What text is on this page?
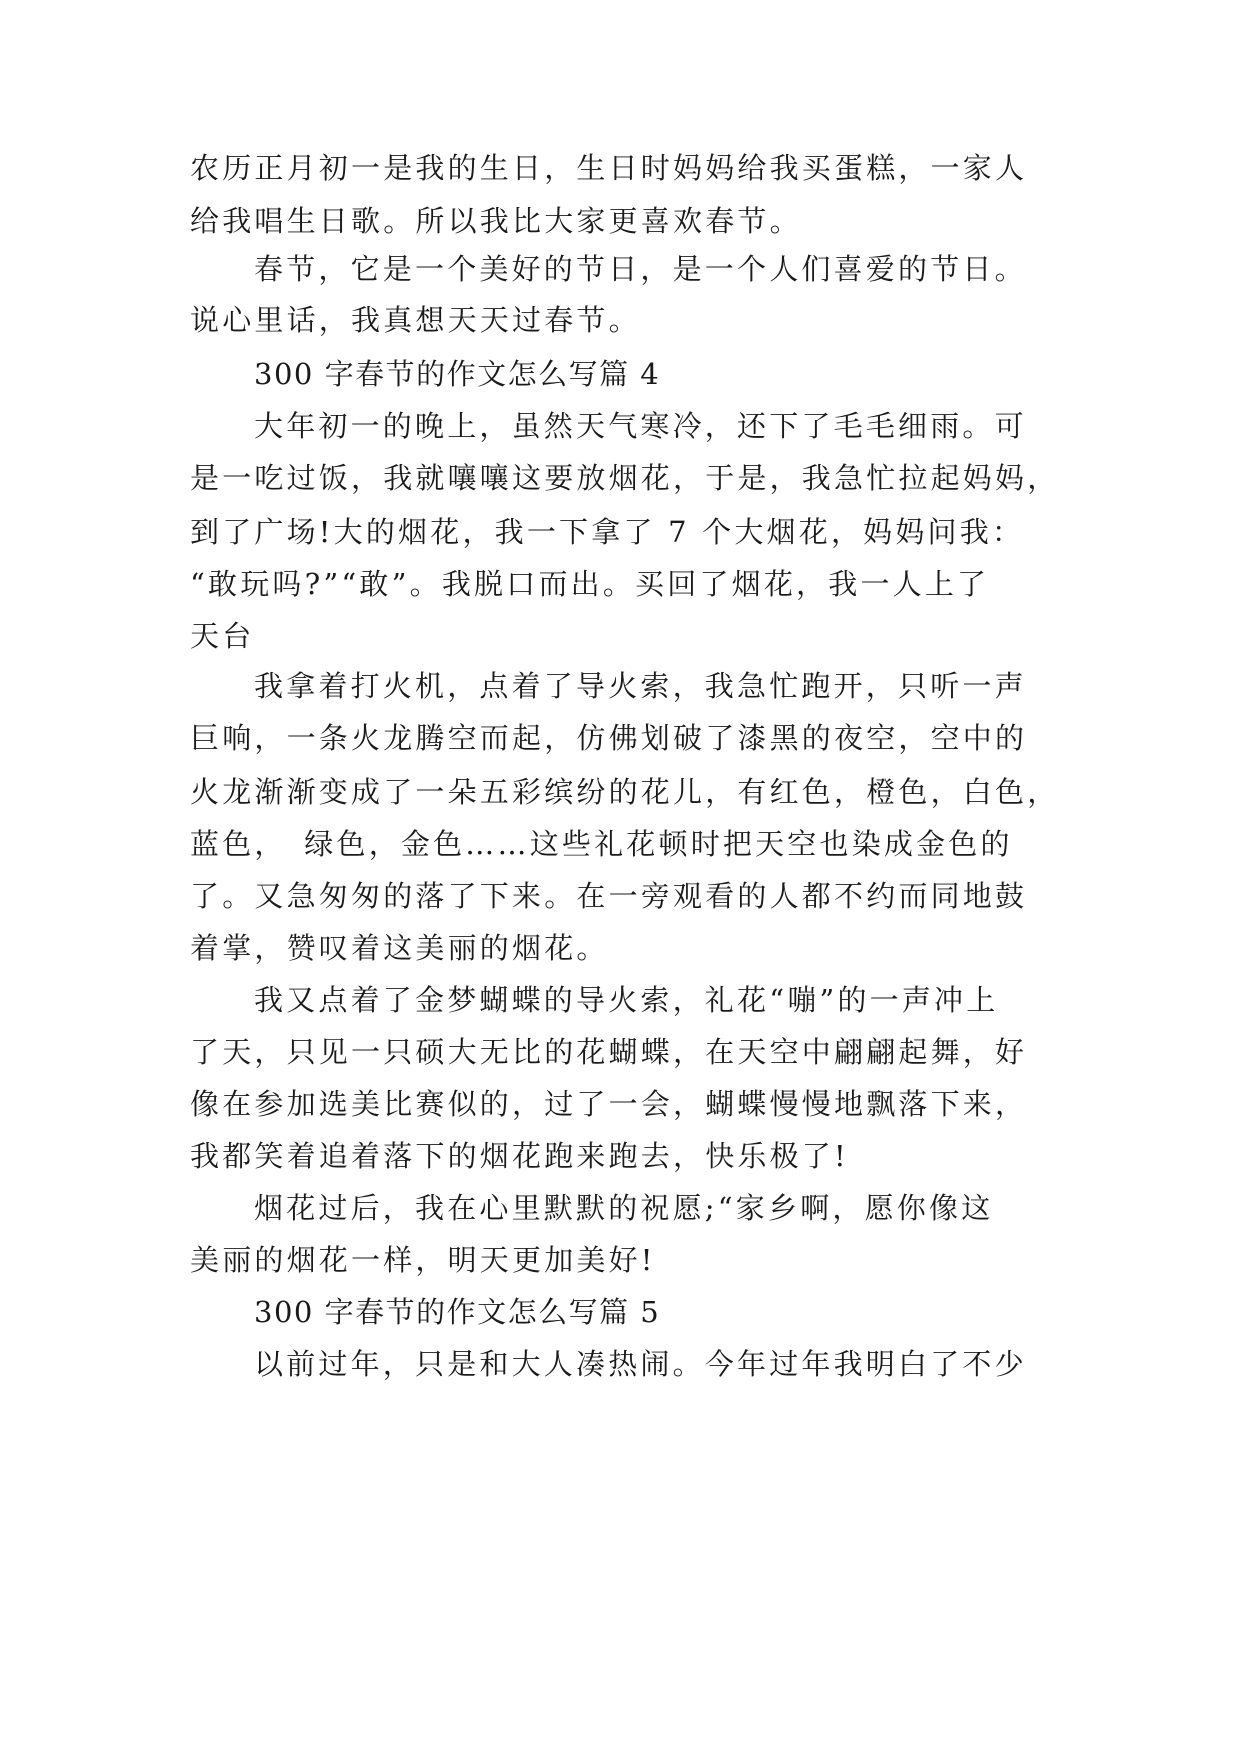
农历正月初一是我的生日，生日时妈妈给我买蛋糕，一家人
给我唱生日歌。所以我比大家更喜欢春节。
春节，它是一个美好的节日，是一个人们喜爱的节日。
说心里话，我真想天天过春节。
300 字春节的作文怎么写篇 4
大年初一的晚上，虽然天气寒冷，还下了毛毛细雨。可
是一吃过饭，我就嚷嚷这要放烟花，于是，我急忙拉起妈妈，
到了广场!大的烟花，我一下拿了 7 个大烟花，妈妈问我：
“敢玩吗?”“敢”。我脱口而出。买回了烟花，我一人上了
天台
我拿着打火机，点着了导火索，我急忙跑开，只听一声
巨响，一条火龙腾空而起，仿佛划破了漆黑的夜空，空中的
火龙渐渐变成了一朵五彩缤纷的花儿，有红色，橙色，白色，
蓝色，　绿色，金色……这些礼花顿时把天空也染成金色的
了。又急匆匆的落了下来。在一旁观看的人都不约而同地鼓
着掌，赞叹着这美丽的烟花。
我又点着了金梦蝴蝶的导火索，礼花“嘣”的一声冲上
了天，只见一只硕大无比的花蝴蝶，在天空中翩翩起舞，好
像在参加选美比赛似的，过了一会，蝴蝶慢慢地飘落下来，
我都笑着追着落下的烟花跑来跑去，快乐极了!
烟花过后，我在心里默默的祝愿;“家乡啊，愿你像这
美丽的烟花一样，明天更加美好!
300 字春节的作文怎么写篇 5
以前过年，只是和大人凑热闹。今年过年我明白了不少
